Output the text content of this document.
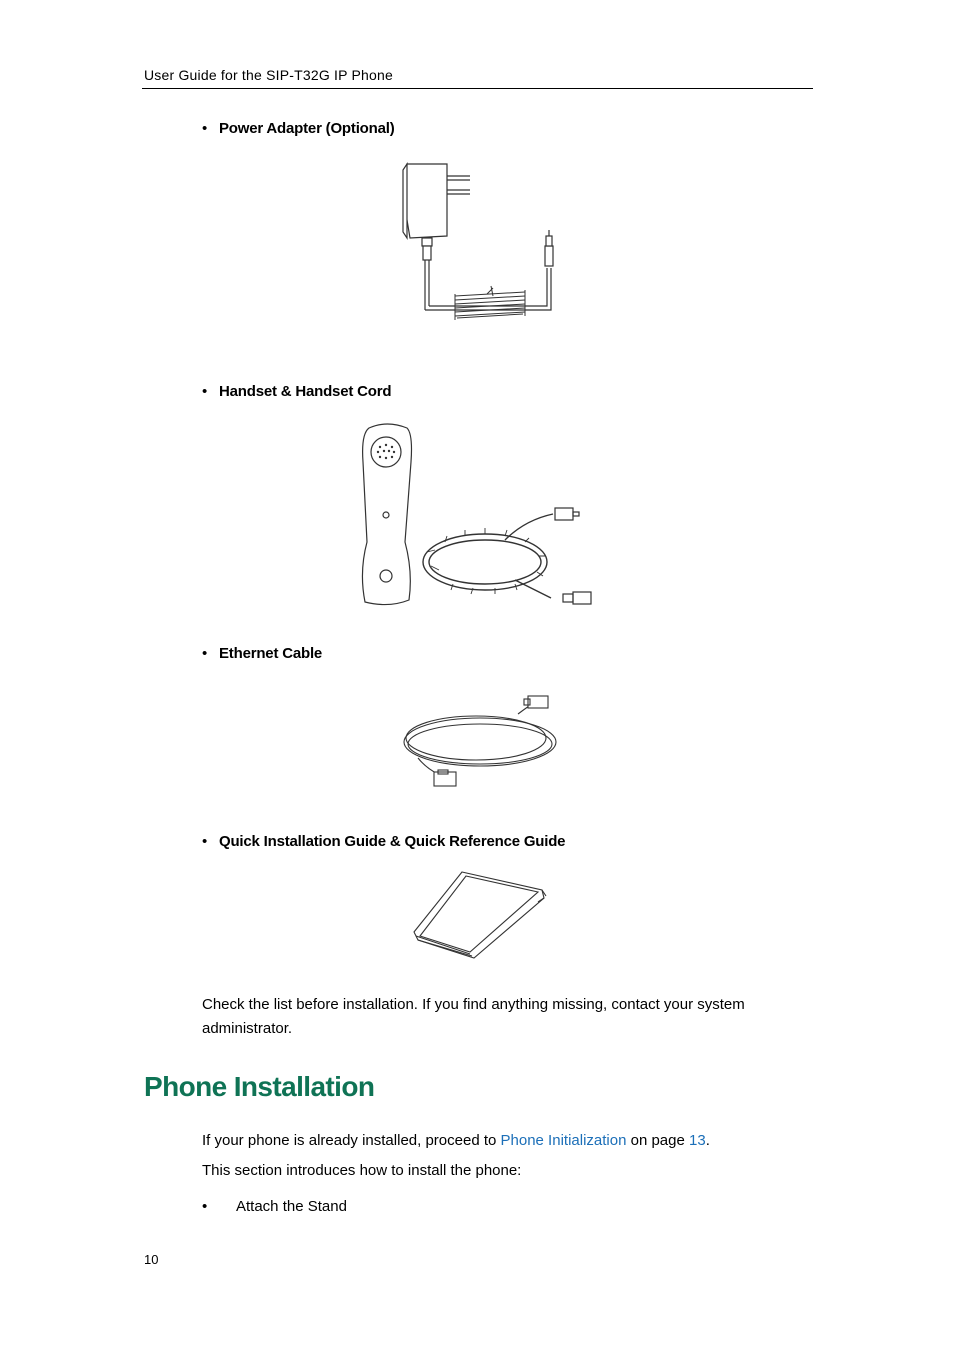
User Guide for the SIP-T32G IP Phone
• Power Adapter (Optional)
• Handset & Handset Cord
• Ethernet Cable
• Quick Installation Guide & Quick Reference Guide
Check the list before installation. If you find anything missing, contact your system administrator.
Phone Installation
If your phone is already installed, proceed to Phone Initialization on page 13.
This section introduces how to install the phone:
• Attach the Stand
10
